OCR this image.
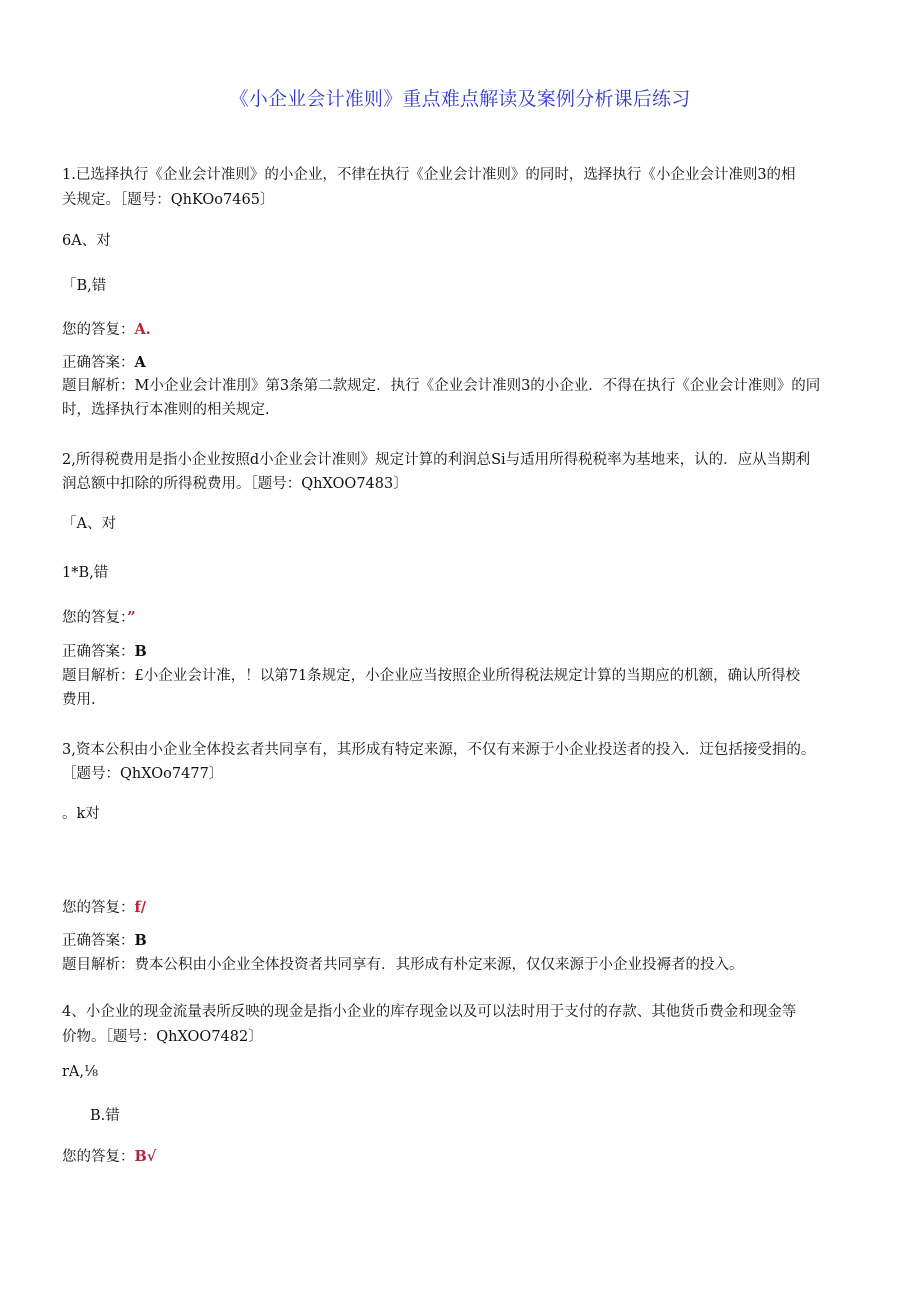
《小企业会计准则》重点难点解读及案例分析课后练习
1.已选择执行《企业会计准则》的小企业，不律在执行《企业会计准则》的同时，选择执行《小企业会计准则3的相
关规定。［题号：QhKOo7465〕
6A、对
「B,错
您的答复：A.
正确答案：A
题目解析：M小企业会计准刖》第3条第二款规定．执行《企业会计准则3的小企业．不得在执行《企业会计准则》的同
时，选择执行本准则的相关规定.
2,所得税费用是指小企业按照d小企业会计准则》规定计算的利润总Si与适用所得税税率为基地来，认的．应从当期利
润总额中扣除的所得税费用。［题号：QhXOO7483〕
「A、对
1*B,错
您的答复：”
正确答案：B
题目解析：£小企业会计准，！以第71条规定，小企业应当按照企业所得税法规定计算的当期应的机额，确认所得校
费用.
3,资本公积由小企业全体投玄者共同享有，其形成有特定来源，不仅有来源于小企业投送者的投入．迂包括接受捐的。
［题号：QhXOo7477〕
。k对
您的答复：f/
正确答案：B
题目解析：费本公积由小企业全体投资者共同享有．其形成有朴定来源，仅仅来源于小企业投褥者的投入。
4、小企业的现金流量表所反映的现金是指小企业的库存现金以及可以法时用于支付的存款、其他货币费金和现金等
价物。［题号：QhXOO7482〕
rA,⅛
B.错
您的答复：B√
